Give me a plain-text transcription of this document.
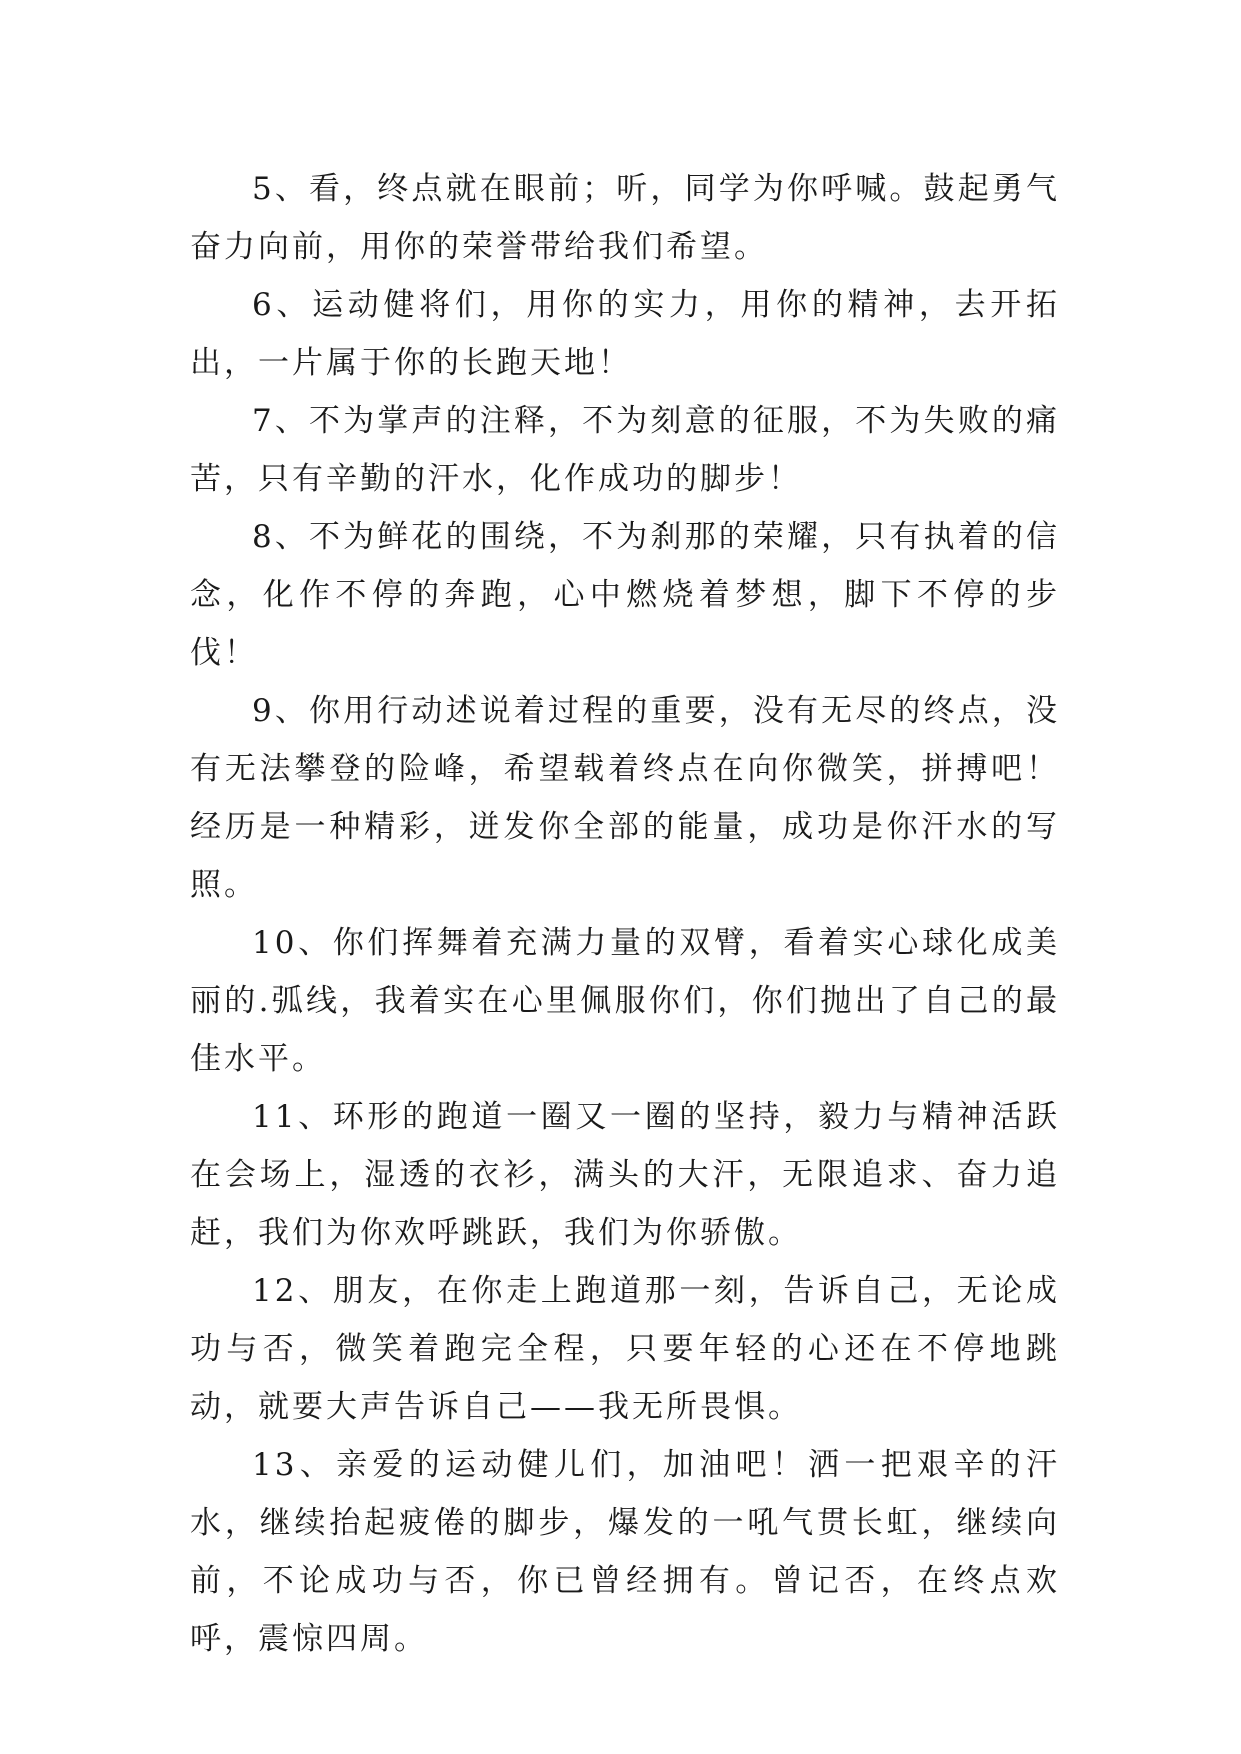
5、看，终点就在眼前；听，同学为你呼喊。鼓起勇气奋力向前，用你的荣誉带给我们希望。

6、运动健将们，用你的实力，用你的精神，去开拓出，一片属于你的长跑天地！

7、不为掌声的注释，不为刻意的征服，不为失败的痛苦，只有辛勤的汗水，化作成功的脚步！

8、不为鲜花的围绕，不为刹那的荣耀，只有执着的信念，化作不停的奔跑，心中燃烧着梦想，脚下不停的步伐！

9、你用行动述说着过程的重要，没有无尽的终点，没有无法攀登的险峰，希望载着终点在向你微笑，拼搏吧！经历是一种精彩，迸发你全部的能量，成功是你汗水的写照。

10、你们挥舞着充满力量的双臂，看着实心球化成美丽的.弧线，我着实在心里佩服你们，你们抛出了自己的最佳水平。

11、环形的跑道一圈又一圈的坚持，毅力与精神活跃在会场上，湿透的衣衫，满头的大汗，无限追求、奋力追赶，我们为你欢呼跳跃，我们为你骄傲。

12、朋友，在你走上跑道那一刻，告诉自己，无论成功与否，微笑着跑完全程，只要年轻的心还在不停地跳动，就要大声告诉自己——我无所畏惧。

13、亲爱的运动健儿们，加油吧！洒一把艰辛的汗水，继续抬起疲倦的脚步，爆发的一吼气贯长虹，继续向前，不论成功与否，你已曾经拥有。曾记否，在终点欢呼，震惊四周。
